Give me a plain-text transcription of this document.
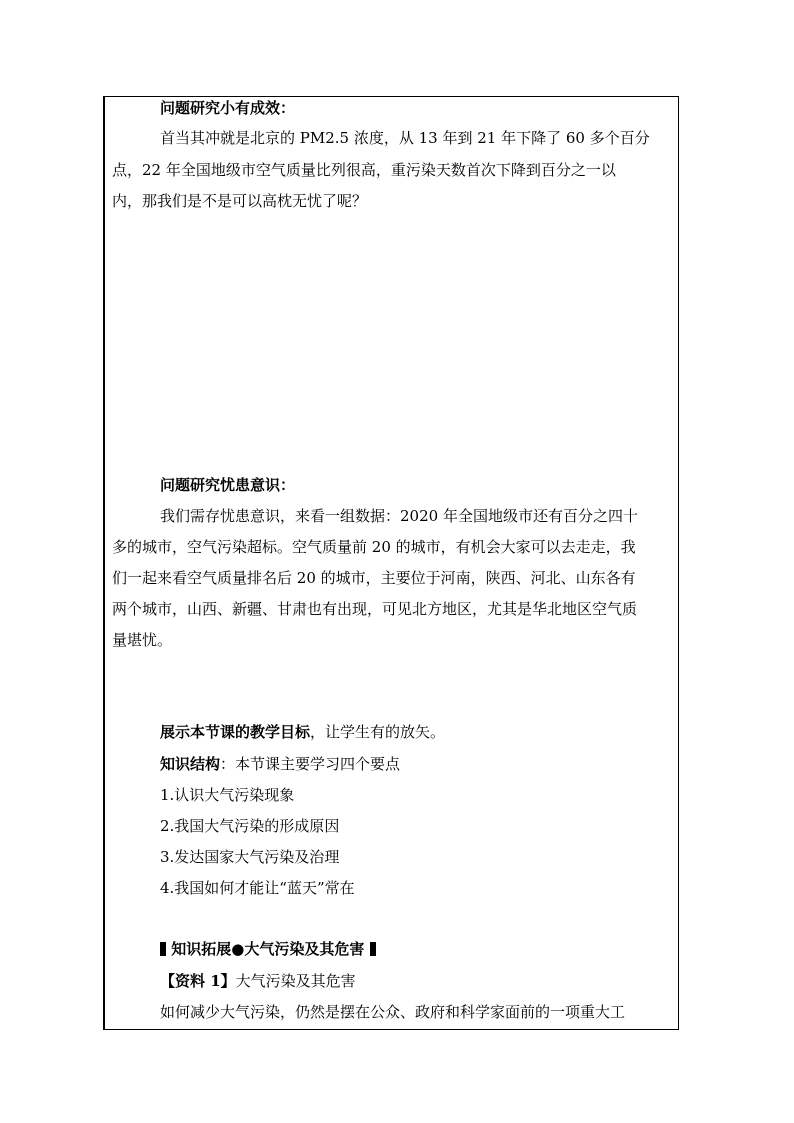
问题研究小有成效：
首当其冲就是北京的 PM2.5 浓度，从 13 年到 21 年下降了 60 多个百分
点，22 年全国地级市空气质量比列很高，重污染天数首次下降到百分之一以
内，那我们是不是可以高枕无忧了呢？
问题研究忧患意识：
我们需存忧患意识，来看一组数据：2020 年全国地级市还有百分之四十
多的城市，空气污染超标。空气质量前 20 的城市，有机会大家可以去走走，我
们一起来看空气质量排名后 20 的城市，主要位于河南，陕西、河北、山东各有
两个城市，山西、新疆、甘肃也有出现，可见北方地区，尤其是华北地区空气质
量堪忧。
展示本节课的教学目标，让学生有的放矢。
知识结构：本节课主要学习四个要点
1.认识大气污染现象
2.我国大气污染的形成原因
3.发达国家大气污染及治理
4.我国如何才能让“蓝天”常在
知识拓展●大气污染及其危害
【资料 1】大气污染及其危害
如何减少大气污染，仍然是摆在公众、政府和科学家面前的一项重大工
